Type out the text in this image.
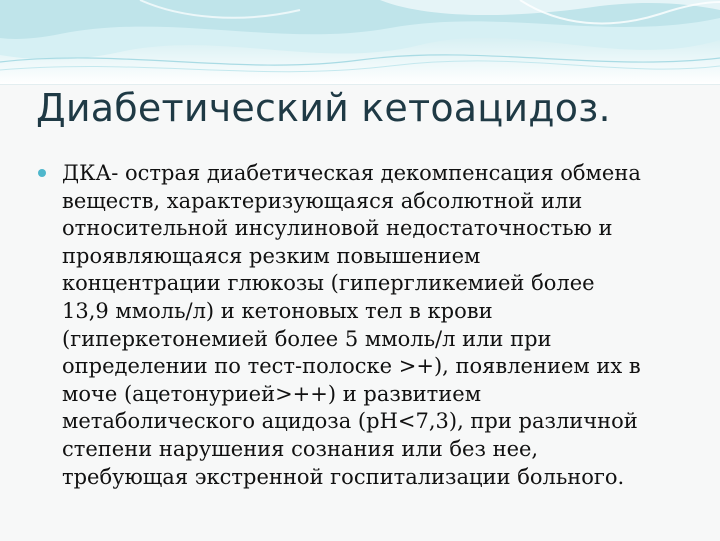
Диабетический кетоацидоз.

ДКА- острая диабетическая декомпенсация обмена
веществ, характеризующаяся абсолютной или
относительной инсулиновой недостаточностью и
проявляющаяся резким повышением
концентрации глюкозы (гипергликемией более
13,9 ммоль/л) и кетоновых тел в крови
(гиперкетонемией более 5 ммоль/л или при
определении по тест-полоске >+), появлением их в
моче (ацетонурией>++) и развитием
метаболического ацидоза (pH<7,3), при различной
степени нарушения сознания или без нее,
требующая экстренной госпитализации больного.
